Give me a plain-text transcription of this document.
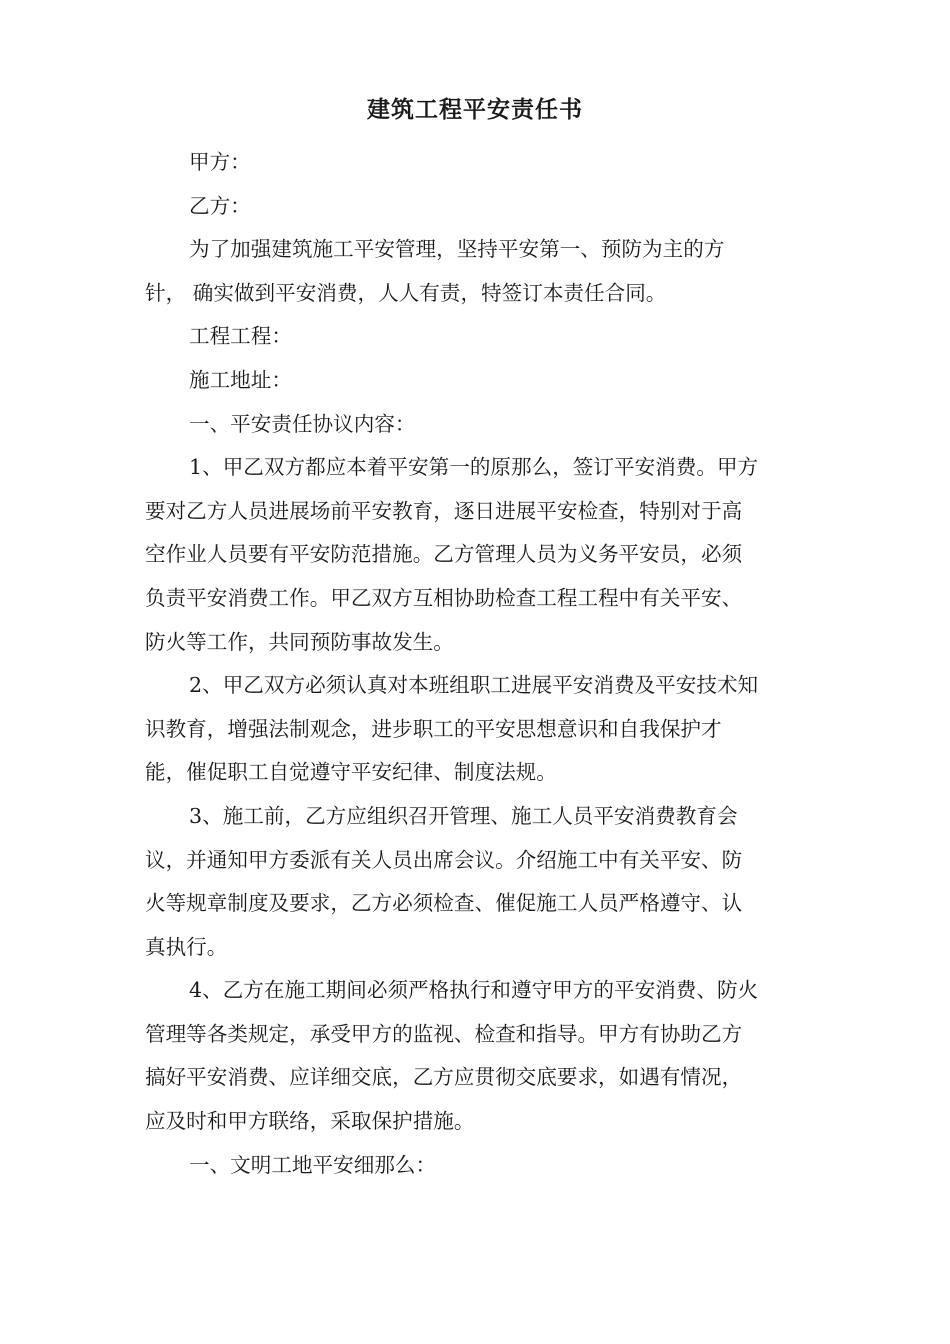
建筑工程平安责任书
甲方：
乙方：
为了加强建筑施工平安管理，坚持平安第一、预防为主的方
针， 确实做到平安消费，人人有责，特签订本责任合同。
工程工程：
施工地址：
一、平安责任协议内容：
1、甲乙双方都应本着平安第一的原那么，签订平安消费。甲方
要对乙方人员进展场前平安教育，逐日进展平安检查，特别对于高
空作业人员要有平安防范措施。乙方管理人员为义务平安员，必须
负责平安消费工作。甲乙双方互相协助检查工程工程中有关平安、
防火等工作，共同预防事故发生。
2、甲乙双方必须认真对本班组职工进展平安消费及平安技术知
识教育，增强法制观念，进步职工的平安思想意识和自我保护才
能，催促职工自觉遵守平安纪律、制度法规。
3、施工前，乙方应组织召开管理、施工人员平安消费教育会
议，并通知甲方委派有关人员出席会议。介绍施工中有关平安、防
火等规章制度及要求，乙方必须检查、催促施工人员严格遵守、认
真执行。
4、乙方在施工期间必须严格执行和遵守甲方的平安消费、防火
管理等各类规定，承受甲方的监视、检查和指导。甲方有协助乙方
搞好平安消费、应详细交底，乙方应贯彻交底要求，如遇有情况，
应及时和甲方联络，采取保护措施。
一、文明工地平安细那么：
